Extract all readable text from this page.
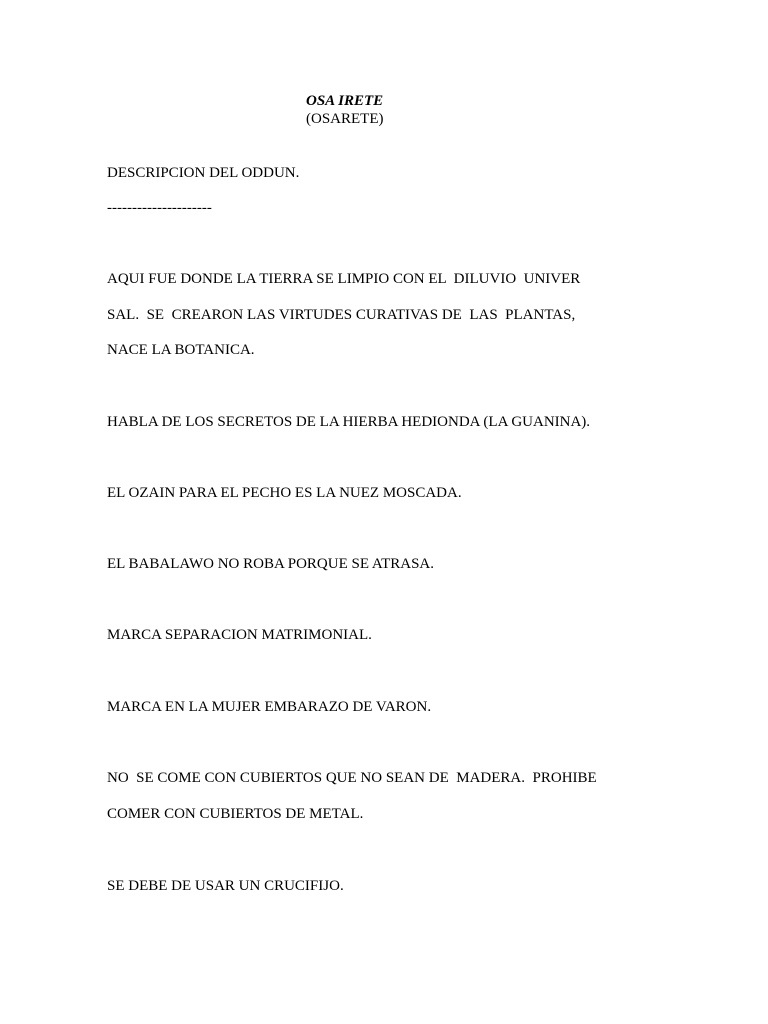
OSA IRETE

(OSARETE)

DESCRIPCION DEL ODDUN.

---------------------

AQUI FUE DONDE LA TIERRA SE LIMPIO CON EL  DILUVIO  UNIVER

SAL.  SE  CREARON LAS VIRTUDES CURATIVAS DE  LAS  PLANTAS,

NACE LA BOTANICA.

HABLA DE LOS SECRETOS DE LA HIERBA HEDIONDA (LA GUANINA).

EL OZAIN PARA EL PECHO ES LA NUEZ MOSCADA.

EL BABALAWO NO ROBA PORQUE SE ATRASA.

MARCA SEPARACION MATRIMONIAL.

MARCA EN LA MUJER EMBARAZO DE VARON.

NO  SE COME CON CUBIERTOS QUE NO SEAN DE  MADERA.  PROHIBE

COMER CON CUBIERTOS DE METAL.

SE DEBE DE USAR UN CRUCIFIJO.
